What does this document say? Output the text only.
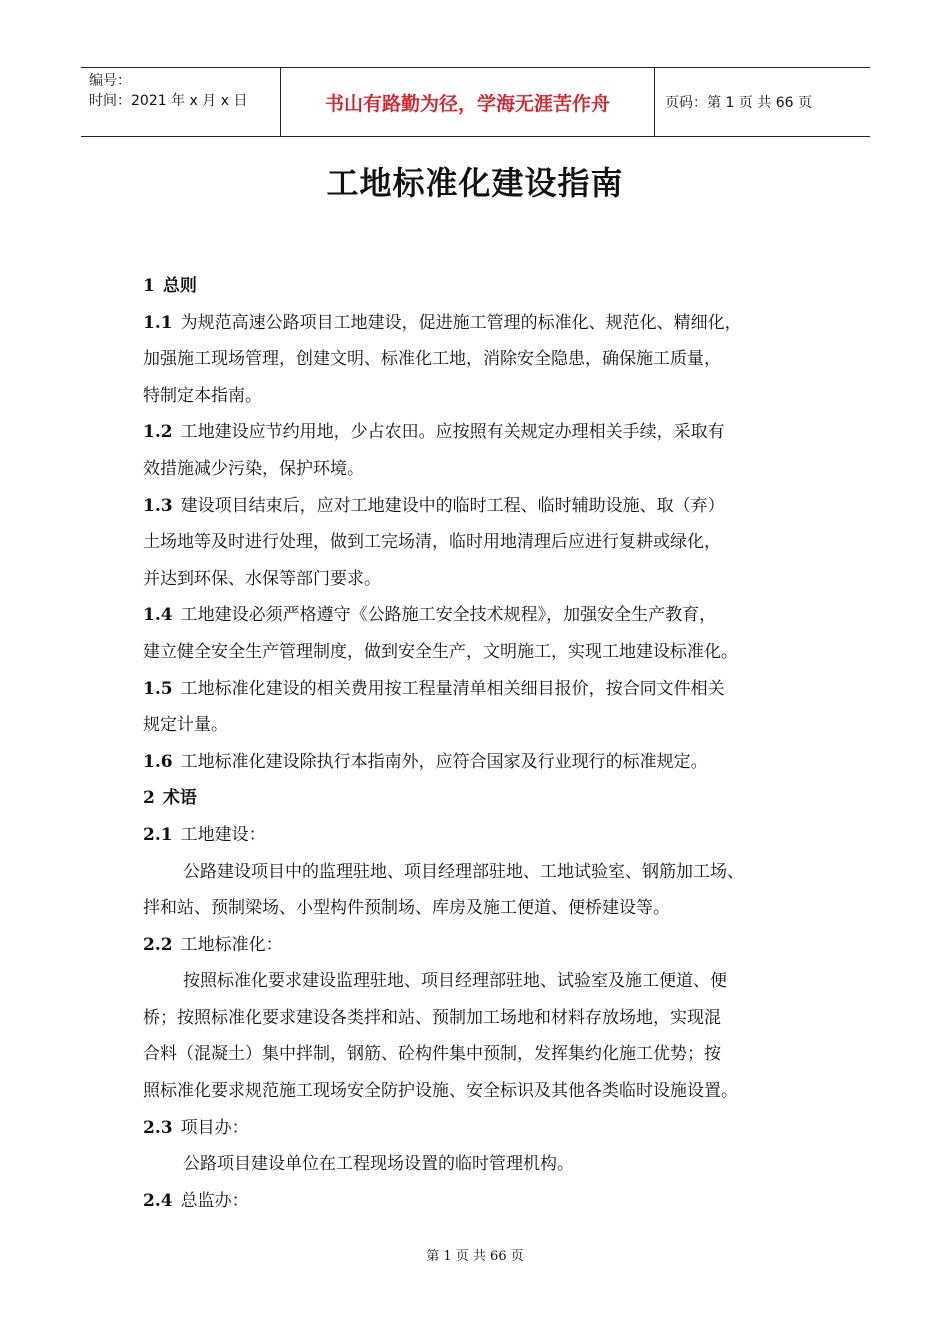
编号：
时间：2021 年 x 月 x 日	书山有路勤为径，学海无涯苦作舟	页码：第 1 页 共 66 页
工地标准化建设指南
1 总则
1.1 为规范高速公路项目工地建设，促进施工管理的标准化、规范化、精细化，
加强施工现场管理，创建文明、标准化工地，消除安全隐患，确保施工质量，
特制定本指南。
1.2 工地建设应节约用地，少占农田。应按照有关规定办理相关手续，采取有
效措施减少污染，保护环境。
1.3 建设项目结束后，应对工地建设中的临时工程、临时辅助设施、取（弃）
土场地等及时进行处理，做到工完场清，临时用地清理后应进行复耕或绿化，
并达到环保、水保等部门要求。
1.4 工地建设必须严格遵守《公路施工安全技术规程》，加强安全生产教育，
建立健全安全生产管理制度，做到安全生产，文明施工，实现工地建设标准化。
1.5 工地标准化建设的相关费用按工程量清单相关细目报价，按合同文件相关
规定计量。
1.6 工地标准化建设除执行本指南外，应符合国家及行业现行的标准规定。
2 术语
2.1 工地建设：
公路建设项目中的监理驻地、项目经理部驻地、工地试验室、钢筋加工场、
拌和站、预制梁场、小型构件预制场、库房及施工便道、便桥建设等。
2.2 工地标准化：
按照标准化要求建设监理驻地、项目经理部驻地、试验室及施工便道、便
桥；按照标准化要求建设各类拌和站、预制加工场地和材料存放场地，实现混
合料（混凝土）集中拌制，钢筋、砼构件集中预制，发挥集约化施工优势；按
照标准化要求规范施工现场安全防护设施、安全标识及其他各类临时设施设置。
2.3 项目办：
公路项目建设单位在工程现场设置的临时管理机构。
2.4 总监办：
第 1 页 共 66 页
